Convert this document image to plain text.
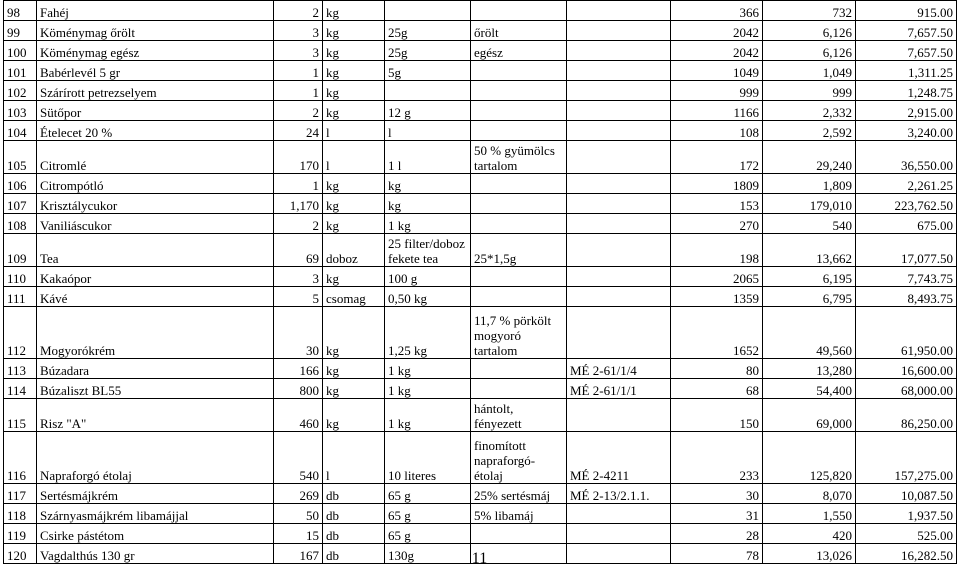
98	Fahéj	2	kg				366	732	915.00
99	Köménymag őrölt	3	kg	25g	őrölt		2042	6,126	7,657.50
100	Köménymag egész	3	kg	25g	egész		2042	6,126	7,657.50
101	Babérlevél 5 gr	1	kg	5g			1049	1,049	1,311.25
102	Szárírott petrezselyem	1	kg				999	999	1,248.75
103	Sütőpor	2	kg	12 g			1166	2,332	2,915.00
104	Ételecet 20 %	24	l	l			108	2,592	3,240.00
105	Citromlé	170	l	1 l	50 % gyümölcs tartalom		172	29,240	36,550.00
106	Citrompótló	1	kg	kg			1809	1,809	2,261.25
107	Krisztálycukor	1,170	kg	kg			153	179,010	223,762.50
108	Vaniliáscukor	2	kg	1 kg			270	540	675.00
109	Tea	69	doboz	25 filter/doboz fekete tea	25*1,5g		198	13,662	17,077.50
110	Kakaópor	3	kg	100 g			2065	6,195	7,743.75
111	Kávé	5	csomag	0,50 kg			1359	6,795	8,493.75
112	Mogyorókrém	30	kg	1,25 kg	11,7 % pörkölt mogyoró tartalom		1652	49,560	61,950.00
113	Búzadara	166	kg	1 kg		MÉ 2-61/1/4	80	13,280	16,600.00
114	Búzaliszt BL55	800	kg	1 kg		MÉ 2-61/1/1	68	54,400	68,000.00
115	Risz "A"	460	kg	1 kg	hántolt, fényezett		150	69,000	86,250.00
116	Napraforgó étolaj	540	l	10 literes	finomított napraforgó-étolaj	MÉ 2-4211	233	125,820	157,275.00
117	Sertésmájkrém	269	db	65 g	25% sertésmáj	MÉ 2-13/2.1.1.	30	8,070	10,087.50
118	Szárnyasmájkrém libamájjal	50	db	65 g	5% libamáj		31	1,550	1,937.50
119	Csirke pástétom	15	db	65 g			28	420	525.00
120	Vagdalthús 130 gr	167	db	130g			78	13,026	16,282.50
11
